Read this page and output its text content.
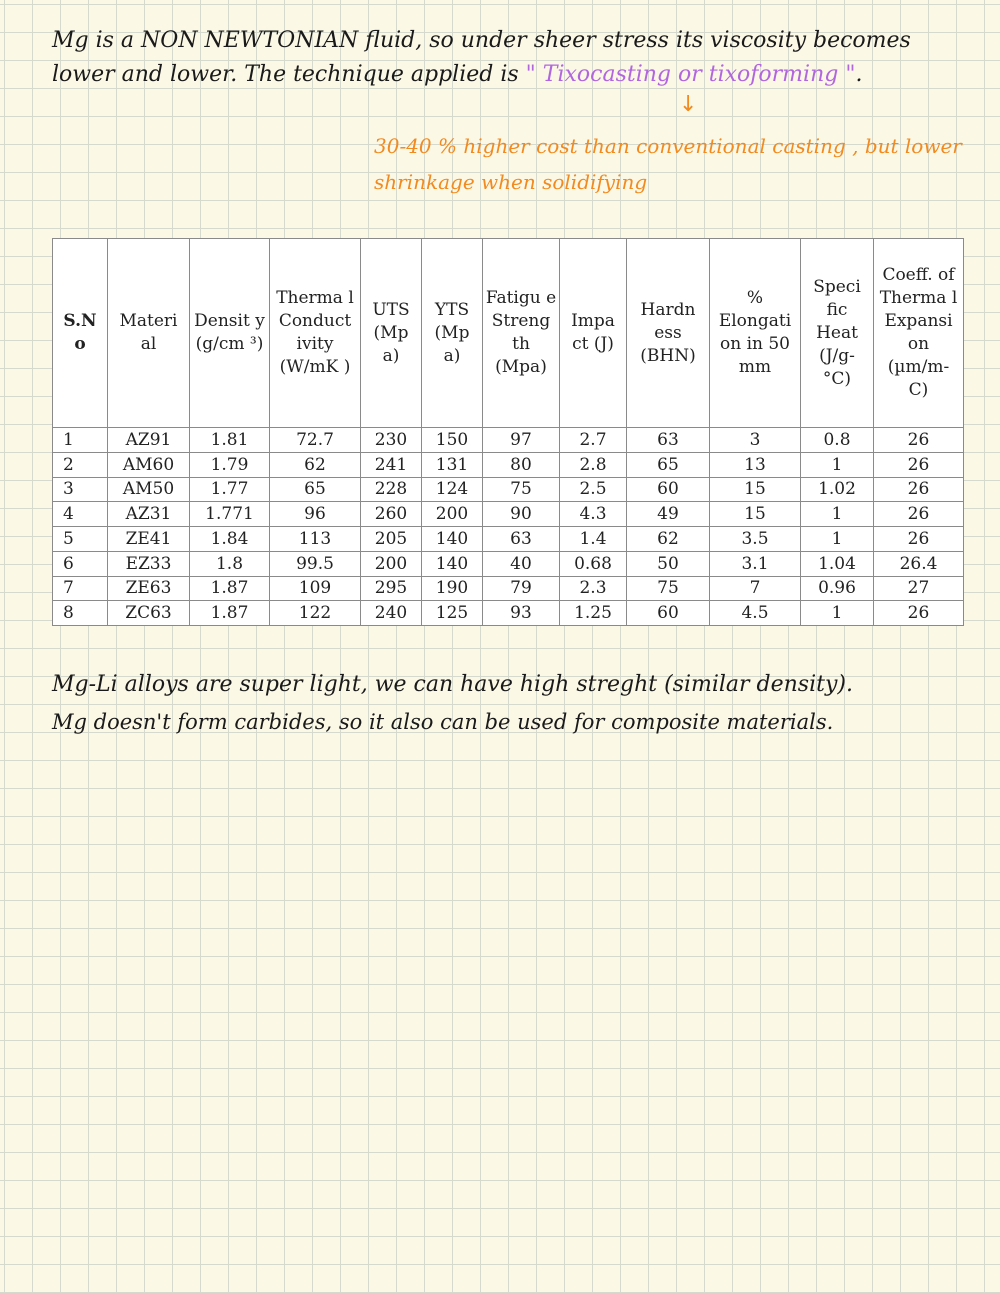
Mg is a NON NEWTONIAN fluid, so under sheer stress its viscosity becomes
lower and lower. The technique applied is " Tixocasting or tixoforming ".
↓
30-40 % higher cost than conventional casting , but lower
shrinkage when solidifying
S.N o	Materi al	Densit y (g/cm ³)	Therma l Conduct ivity (W/mK )	UTS (Mp a)	YTS (Mp a)	Fatigu e Streng th (Mpa)	Impa ct (J)	Hardn ess (BHN)	% Elongati on in 50 mm	Speci fic Heat (J/g- °C)	Coeff. of Therma l Expansi on (µm/m- C)
1	AZ91	1.81	72.7	230	150	97	2.7	63	3	0.8	26
2	AM60	1.79	62	241	131	80	2.8	65	13	1	26
3	AM50	1.77	65	228	124	75	2.5	60	15	1.02	26
4	AZ31	1.771	96	260	200	90	4.3	49	15	1	26
5	ZE41	1.84	113	205	140	63	1.4	62	3.5	1	26
6	EZ33	1.8	99.5	200	140	40	0.68	50	3.1	1.04	26.4
7	ZE63	1.87	109	295	190	79	2.3	75	7	0.96	27
8	ZC63	1.87	122	240	125	93	1.25	60	4.5	1	26
Mg-Li alloys are super light, we can have high streght (similar density).
Mg doesn't form carbides, so it also can be used for composite materials.
